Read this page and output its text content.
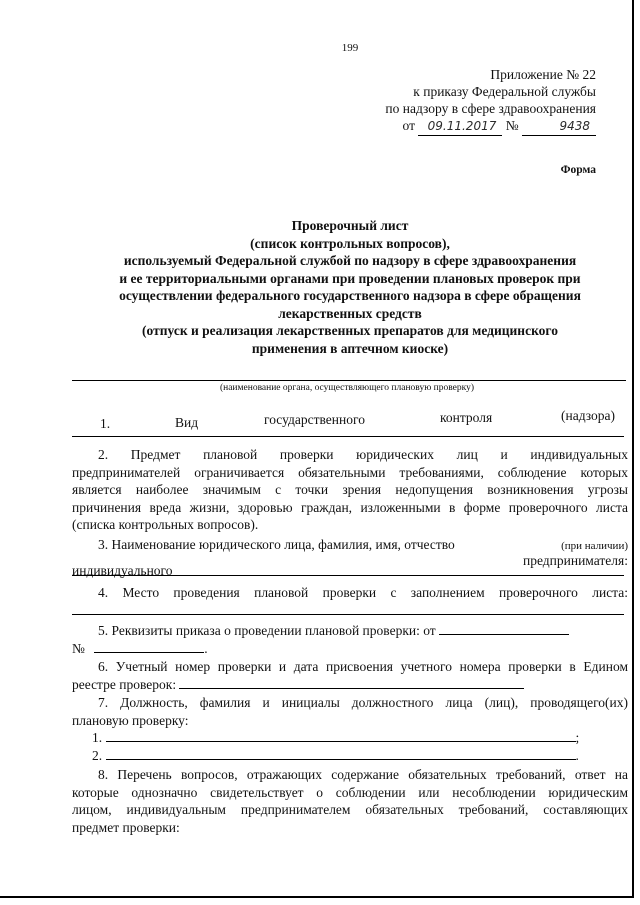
199
Приложение № 22
к приказу Федеральной службы
по надзору в сфере здравоохранения
от 09.11.2017 №	9438
Форма
Проверочный лист
(список контрольных вопросов),
используемый Федеральной службой по надзору в сфере здравоохранения
и ее территориальными органами при проведении плановых проверок при
осуществлении федерального государственного надзора в сфере обращения
лекарственных средств
(отпуск и реализация лекарственных препаратов для медицинского
применения в аптечном киоске)
(наименование органа, осуществляющего плановую проверку)
1.	Вид	государственного	контроля	(надзора)
2. Предмет плановой проверки юридических лиц и индивидуальных
предпринимателей ограничивается обязательными требованиями, соблюдение которых
является наиболее значимым с точки зрения недопущения возникновения угрозы
причинения вреда жизни, здоровью граждан, изложенными в форме проверочного листа
(списка контрольных вопросов).
3. Наименование юридического лица, фамилия, имя, отчество	(при наличии)
индивидуального
предпринимателя:
4. Место проведения плановой проверки с заполнением проверочного листа:
5. Реквизиты приказа о проведении плановой проверки: от
№	.
6. Учетный номер проверки и дата присвоения учетного номера проверки в Едином
реестре проверок:
7. Должность, фамилия и инициалы должностного лица (лиц), проводящего(их)
плановую проверку:
1.	;
2.	.
8. Перечень вопросов, отражающих содержание обязательных требований, ответ на
которые однозначно свидетельствует о соблюдении или несоблюдении юридическим
лицом, индивидуальным предпринимателем обязательных требований, составляющих
предмет проверки:
